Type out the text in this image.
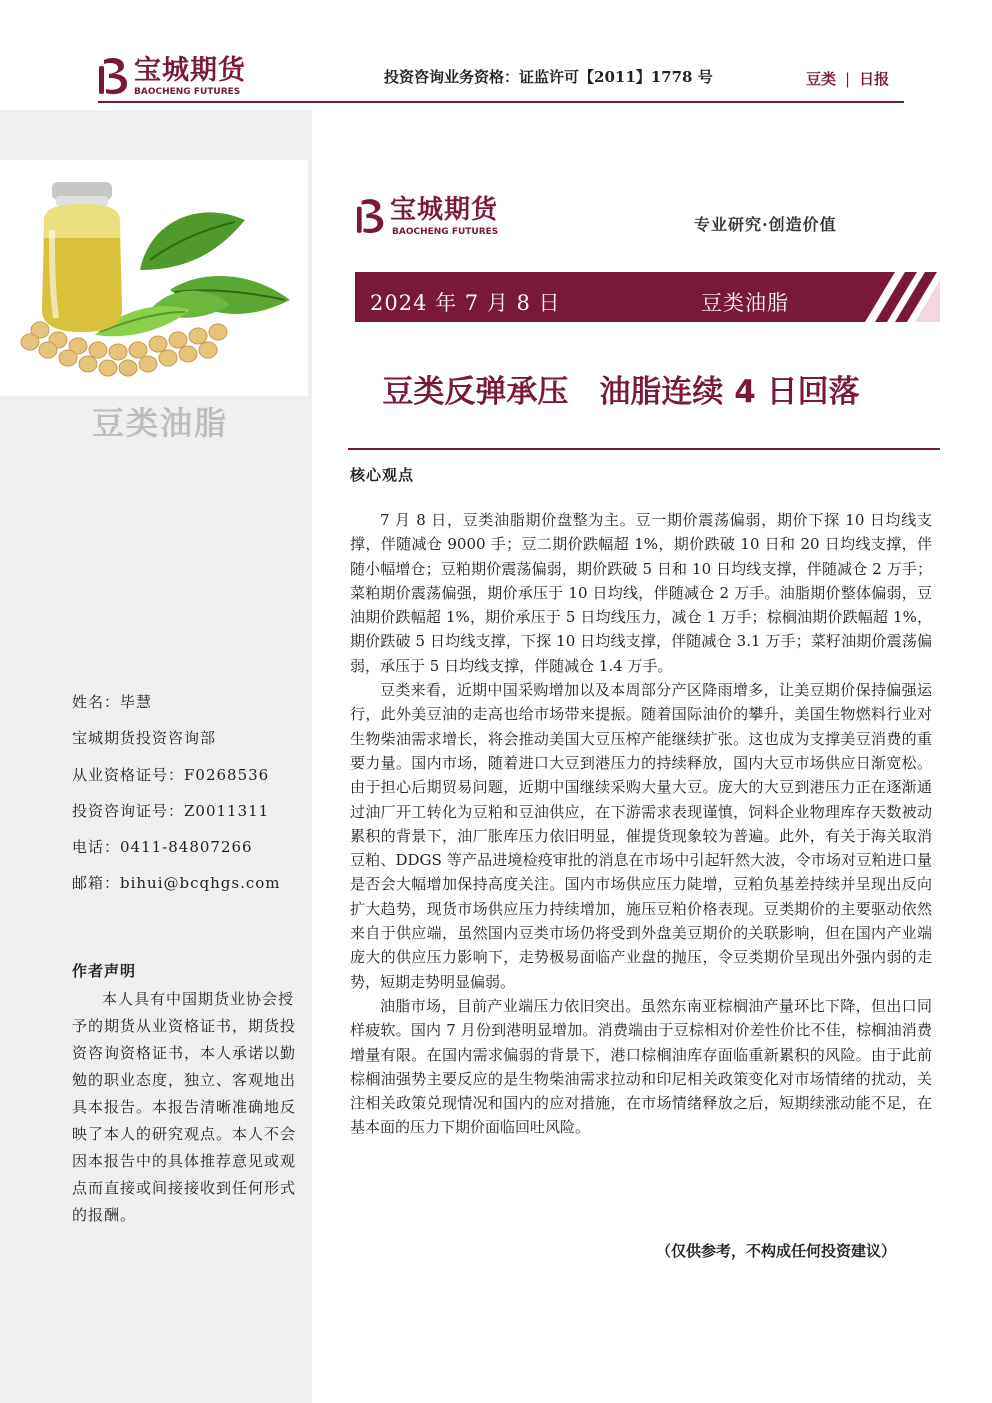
宝城期货
BAOCHENG FUTURES
投资咨询业务资格：证监许可【2011】1778 号	豆类 | 日报
豆类油脂
姓名：毕慧
宝城期货投资咨询部
从业资格证号：F0268536
投资咨询证号：Z0011311
电话：0411-84807266
邮箱：bihui@bcqhgs.com
作者声明
本人具有中国期货业协会授予的期货从业资格证书，期货投资咨询资格证书，本人承诺以勤勉的职业态度，独立、客观地出具本报告。本报告清晰准确地反映了本人的研究观点。本人不会因本报告中的具体推荐意见或观点而直接或间接接收到任何形式的报酬。
宝城期货
BAOCHENG FUTURES	专业研究·创造价值
2024 年 7 月 8 日	豆类油脂
豆类反弹承压　油脂连续 4 日回落
核心观点

7 月 8 日，豆类油脂期价盘整为主。豆一期价震荡偏弱，期价下探 10 日均线支撑，伴随减仓 9000 手；豆二期价跌幅超 1%，期价跌破 10 日和 20 日均线支撑，伴随小幅增仓；豆粕期价震荡偏弱，期价跌破 5 日和 10 日均线支撑，伴随减仓 2 万手；菜粕期价震荡偏强，期价承压于 10 日均线，伴随减仓 2 万手。油脂期价整体偏弱，豆油期价跌幅超 1%，期价承压于 5 日均线压力，减仓 1 万手；棕榈油期价跌幅超 1%，期价跌破 5 日均线支撑，下探 10 日均线支撑，伴随减仓 3.1 万手；菜籽油期价震荡偏弱，承压于 5 日均线支撑，伴随减仓 1.4 万手。

豆类来看，近期中国采购增加以及本周部分产区降雨增多，让美豆期价保持偏强运行，此外美豆油的走高也给市场带来提振。随着国际油价的攀升，美国生物燃料行业对生物柴油需求增长，将会推动美国大豆压榨产能继续扩张。这也成为支撑美豆消费的重要力量。国内市场，随着进口大豆到港压力的持续释放，国内大豆市场供应日渐宽松。由于担心后期贸易问题，近期中国继续采购大量大豆。庞大的大豆到港压力正在逐渐通过油厂开工转化为豆粕和豆油供应，在下游需求表现谨慎，饲料企业物理库存天数被动累积的背景下，油厂胀库压力依旧明显，催提货现象较为普遍。此外，有关于海关取消豆粕、DDGS 等产品进境检疫审批的消息在市场中引起轩然大波，令市场对豆粕进口量是否会大幅增加保持高度关注。国内市场供应压力陡增，豆粕负基差持续并呈现出反向扩大趋势，现货市场供应压力持续增加，施压豆粕价格表现。豆类期价的主要驱动依然来自于供应端，虽然国内豆类市场仍将受到外盘美豆期价的关联影响，但在国内产业端庞大的供应压力影响下，走势极易面临产业盘的抛压，令豆类期价呈现出外强内弱的走势，短期走势明显偏弱。

油脂市场，目前产业端压力依旧突出。虽然东南亚棕榈油产量环比下降，但出口同样疲软。国内 7 月份到港明显增加。消费端由于豆棕相对价差性价比不佳，棕榈油消费增量有限。在国内需求偏弱的背景下，港口棕榈油库存面临重新累积的风险。由于此前棕榈油强势主要反应的是生物柴油需求拉动和印尼相关政策变化对市场情绪的扰动，关注相关政策兑现情况和国内的应对措施，在市场情绪释放之后，短期续涨动能不足，在基本面的压力下期价面临回吐风险。

（仅供参考，不构成任何投资建议）
